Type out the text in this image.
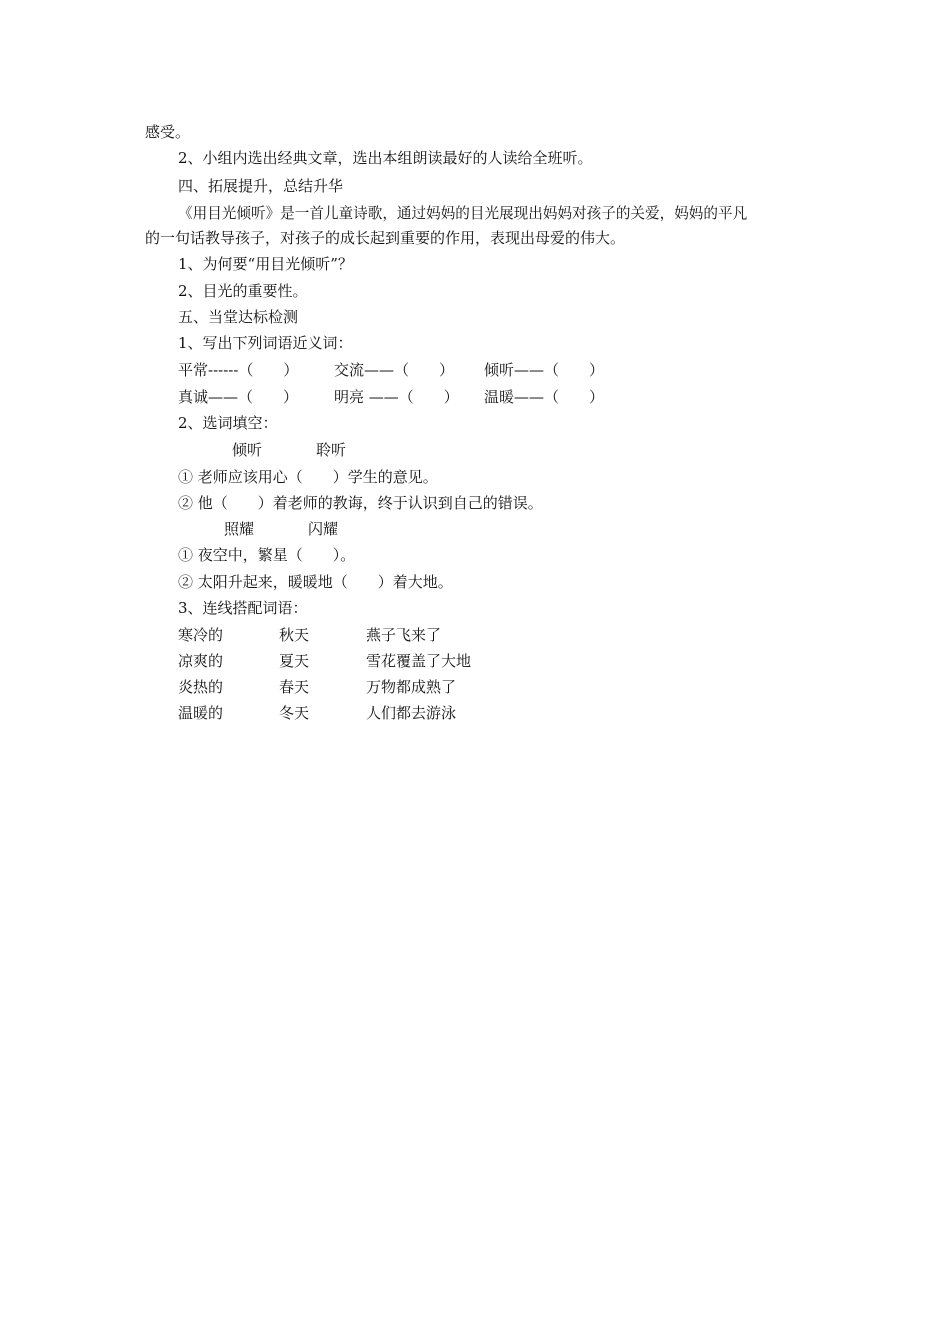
感受。
2、小组内选出经典文章，选出本组朗读最好的人读给全班听。
四、拓展提升，总结升华
《用目光倾听》是一首儿童诗歌，通过妈妈的目光展现出妈妈对孩子的关爱，妈妈的平凡
的一句话教导孩子，对孩子的成长起到重要的作用，表现出母爱的伟大。
1、为何要“用目光倾听”？
2、目光的重要性。
五、当堂达标检测
1、写出下列词语近义词：
平常------（　　） 交流——（　　） 倾听——（　　）
真诚——（　　） 明亮 ——（　　） 温暖——（　　）
2、选词填空：
倾听	聆听
① 老师应该用心（　　）学生的意见。
② 他（　　）着老师的教诲，终于认识到自己的错误。
照耀	闪耀
① 夜空中，繁星（　　）。
② 太阳升起来，暖暖地（　　）着大地。
3、连线搭配词语：
寒冷的	秋天	燕子飞来了
凉爽的	夏天	雪花覆盖了大地
炎热的	春天	万物都成熟了
温暖的	冬天	人们都去游泳
